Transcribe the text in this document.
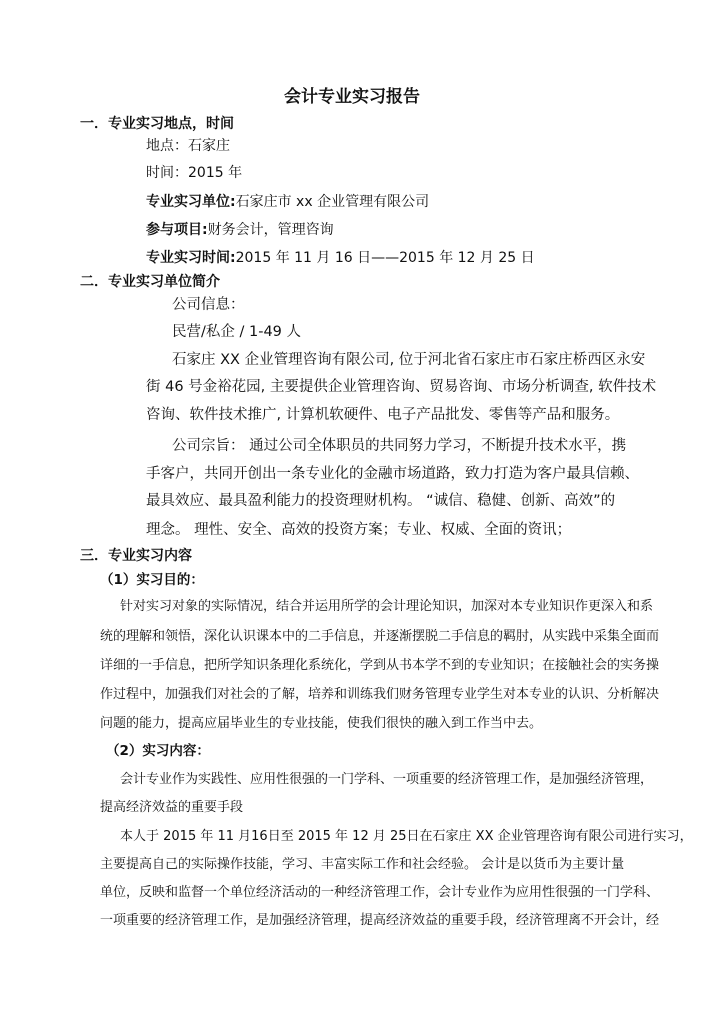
会计专业实习报告
一．专业实习地点，时间
地点：石家庄
时间：2015 年
专业实习单位:石家庄市 xx 企业管理有限公司
参与项目:财务会计，管理咨询
专业实习时间:2015 年 11 月 16 日——2015 年 12 月 25 日
二．专业实习单位简介
公司信息：
民营/私企 / 1-49 人
石家庄 XX 企业管理咨询有限公司, 位于河北省石家庄市石家庄桥西区永安
街 46 号金裕花园, 主要提供企业管理咨询、贸易咨询、市场分析调查, 软件技术
咨询、软件技术推广, 计算机软硬件、电子产品批发、零售等产品和服务。
公司宗旨： 通过公司全体职员的共同努力学习，不断提升技术水平，携
手客户，共同开创出一条专业化的金融市场道路，致力打造为客户最具信赖、
最具效应、最具盈利能力的投资理财机构。 “诚信、稳健、创新、高效”的
理念。 理性、安全、高效的投资方案；专业、权威、全面的资讯；
三．专业实习内容
（1）实习目的：
针对实习对象的实际情况，结合并运用所学的会计理论知识，加深对本专业知识作更深入和系
统的理解和领悟，深化认识课本中的二手信息，并逐渐摆脱二手信息的羁肘，从实践中采集全面而
详细的一手信息，把所学知识条理化系统化，学到从书本学不到的专业知识；在接触社会的实务操
作过程中，加强我们对社会的了解，培养和训练我们财务管理专业学生对本专业的认识、分析解决
问题的能力，提高应届毕业生的专业技能，使我们很快的融入到工作当中去。
（2）实习内容：
会计专业作为实践性、应用性很强的一门学科、一项重要的经济管理工作，是加强经济管理，
提高经济效益的重要手段
本人于 2015 年 11 月16日至 2015 年 12 月 25日在石家庄 XX 企业管理咨询有限公司进行实习，
主要提高自己的实际操作技能，学习、丰富实际工作和社会经验。 会计是以货币为主要计量
单位，反映和监督一个单位经济活动的一种经济管理工作，会计专业作为应用性很强的一门学科、
一项重要的经济管理工作，是加强经济管理，提高经济效益的重要手段，经济管理离不开会计，经
